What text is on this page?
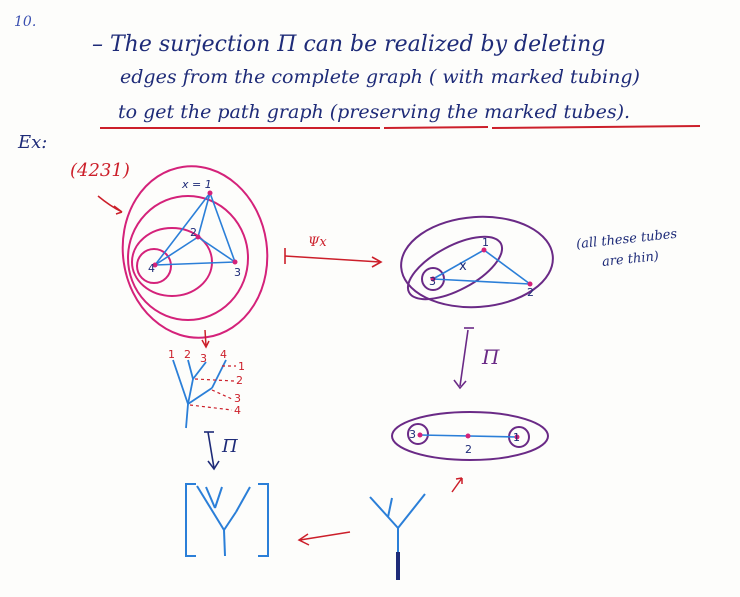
10.
– The surjection Π can be realized by deleting
edges from the complete graph ( with marked tubing)
to get the path graph (preserving the marked tubes).
Ex:
(4231)
(all these tubes
are thin)
x = 1
2
3
4
Ψx
x
1
3
2
Π
3
2
1
1 2 3 4
1
2
3
4
Π
